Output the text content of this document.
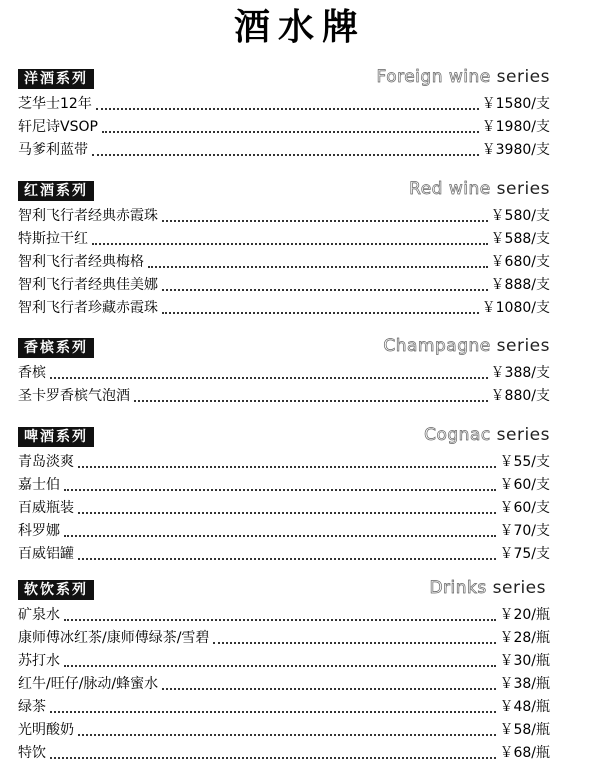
酒水牌
洋酒系列	Foreign wine series
芝华士12年	￥1580/支
轩尼诗VSOP	￥1980/支
马爹利蓝带	￥3980/支
红酒系列	Red wine series
智利飞行者经典赤霞珠	￥580/支
特斯拉干红	￥588/支
智利飞行者经典梅格	￥680/支
智利飞行者经典佳美娜	￥888/支
智利飞行者珍藏赤霞珠	￥1080/支
香槟系列	Champagne series
香槟	￥388/支
圣卡罗香槟气泡酒	￥880/支
啤酒系列	Cognac series
青岛淡爽	￥55/支
嘉士伯	￥60/支
百威瓶装	￥60/支
科罗娜	￥70/支
百威铝罐	￥75/支
软饮系列	Drinks series
矿泉水	￥20/瓶
康师傅冰红茶/康师傅绿茶/雪碧	￥28/瓶
苏打水	￥30/瓶
红牛/旺仔/脉动/蜂蜜水	￥38/瓶
绿茶	￥48/瓶
光明酸奶	￥58/瓶
特饮	￥68/瓶
